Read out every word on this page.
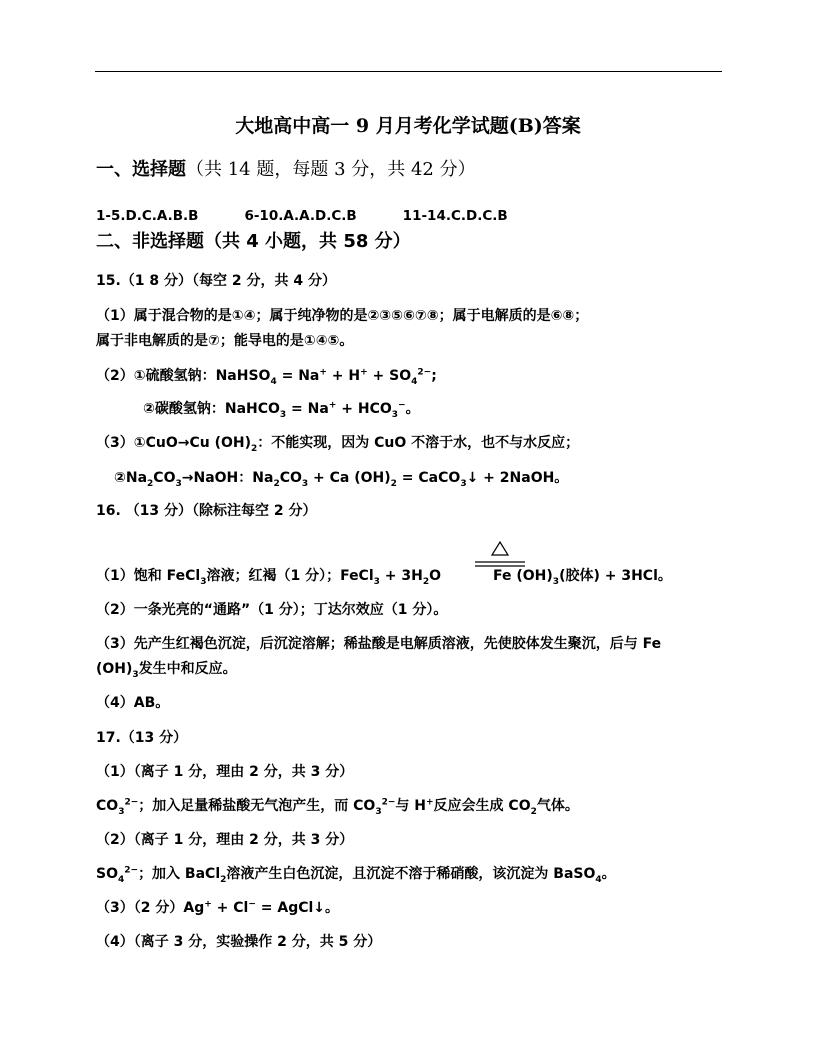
大地高中高一 9 月月考化学试题(B)答案
一、选择题（共 14 题，每题 3 分，共 42 分）
1-5.D.C.A.B.B	6-10.A.A.D.C.B	11-14.C.D.C.B
二、非选择题（共 4 小题，共 58 分）
15.（1 8 分）（每空 2 分，共 4 分）
（1）属于混合物的是①④；属于纯净物的是②③⑤⑥⑦⑧；属于电解质的是⑥⑧；
属于非电解质的是⑦；能导电的是①④⑤。
（2）①硫酸氢钠：NaHSO$_4$ = $Na^+ + H^+ + SO_4^{2-}$;
②碳酸氢钠：NaHCO$_3$ = $Na^+ + HCO_3^-$。
（3）①CuO→Cu $(OH)_2$：不能实现，因为 CuO 不溶于水，也不与水反应；
$②Na_2CO_3\to NaOH$：$Na_2CO_3 + Ca$ $(OH)_2$ = CaCO$_3$↓ + 2NaOH。
16. （13 分）（除标注每空 2 分）
（1）饱和 FeCl$_3$溶液；红褐（1 分）；FeCl$_3$ + $3H_2O$	Fe $(OH)_3$(胶体) + 3HCl。
（2）一条光亮的“通路”（1 分）；丁达尔效应（1 分）。
（3）先产生红褐色沉淀，后沉淀溶解；稀盐酸是电解质溶液，先使胶体发生聚沉，后与 Fe
$(OH)_3$发生中和反应。
（4）AB。
17.（13 分）
（1）（离子 1 分，理由 2 分，共 3 分）
$CO_3^{2-}$；加入足量稀盐酸无气泡产生，而 $CO_3^{2-}$与 H+反应会生成 $CO_2$气体。
（2）（离子 1 分，理由 2 分，共 3 分）
$SO_4^{2-}$；加入 BaCl$_2$溶液产生白色沉淀，且沉淀不溶于稀硝酸，该沉淀为 BaSO$_4$。
（3）（2 分）Ag+ + Cl− = AgCl↓。
（4）（离子 3 分，实验操作 2 分，共 5 分）
